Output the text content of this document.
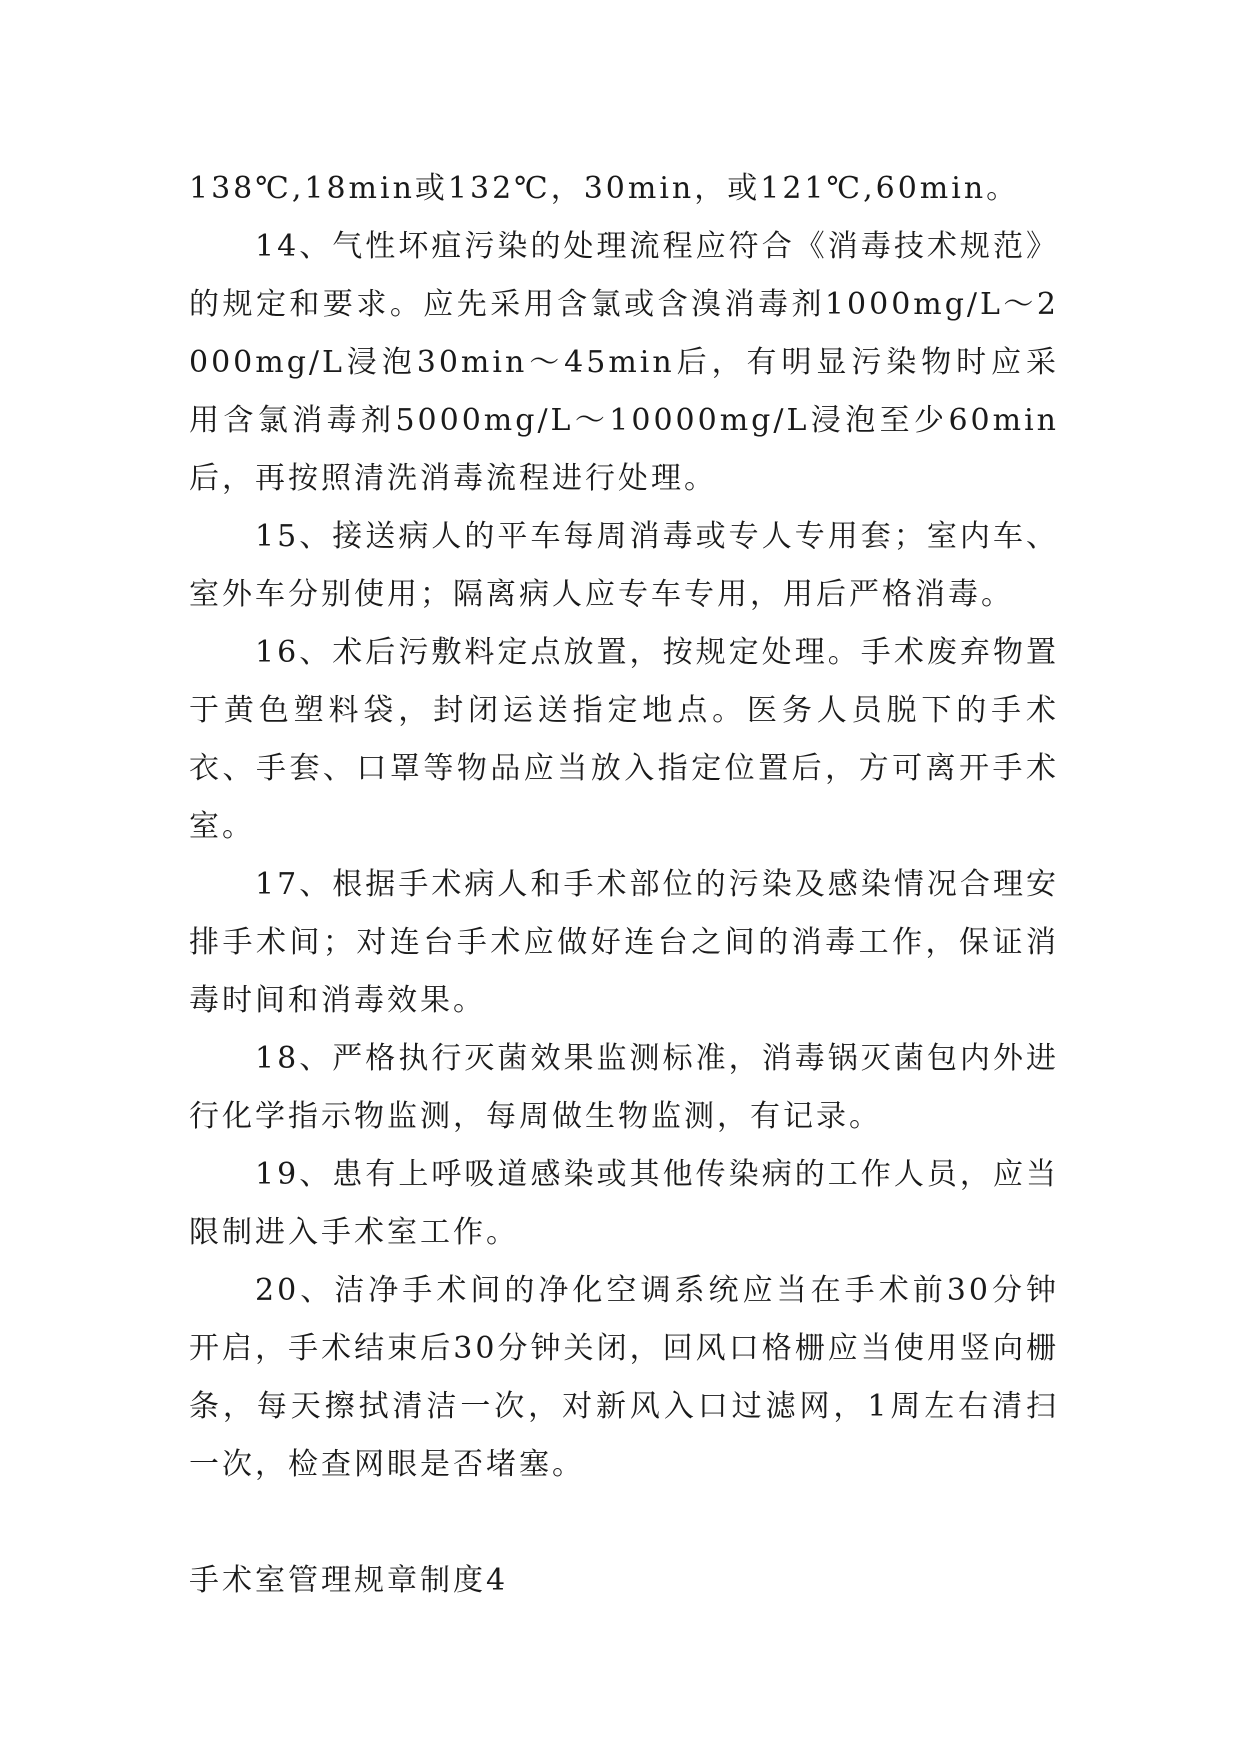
138℃,18min或132℃，30min，或121℃,60min。

14、气性坏疽污染的处理流程应符合《消毒技术规范》的规定和要求。应先采用含氯或含溴消毒剂1000mg/L～2000mg/L浸泡30min～45min后，有明显污染物时应采用含氯消毒剂5000mg/L～10000mg/L浸泡至少60min后，再按照清洗消毒流程进行处理。

15、接送病人的平车每周消毒或专人专用套；室内车、室外车分别使用；隔离病人应专车专用，用后严格消毒。

16、术后污敷料定点放置，按规定处理。手术废弃物置于黄色塑料袋，封闭运送指定地点。医务人员脱下的手术衣、手套、口罩等物品应当放入指定位置后，方可离开手术室。

17、根据手术病人和手术部位的污染及感染情况合理安排手术间；对连台手术应做好连台之间的消毒工作，保证消毒时间和消毒效果。

18、严格执行灭菌效果监测标准，消毒锅灭菌包内外进行化学指示物监测，每周做生物监测，有记录。

19、患有上呼吸道感染或其他传染病的工作人员，应当限制进入手术室工作。

20、洁净手术间的净化空调系统应当在手术前30分钟开启，手术结束后30分钟关闭，回风口格栅应当使用竖向栅条，每天擦拭清洁一次，对新风入口过滤网，1周左右清扫一次，检查网眼是否堵塞。

手术室管理规章制度4
